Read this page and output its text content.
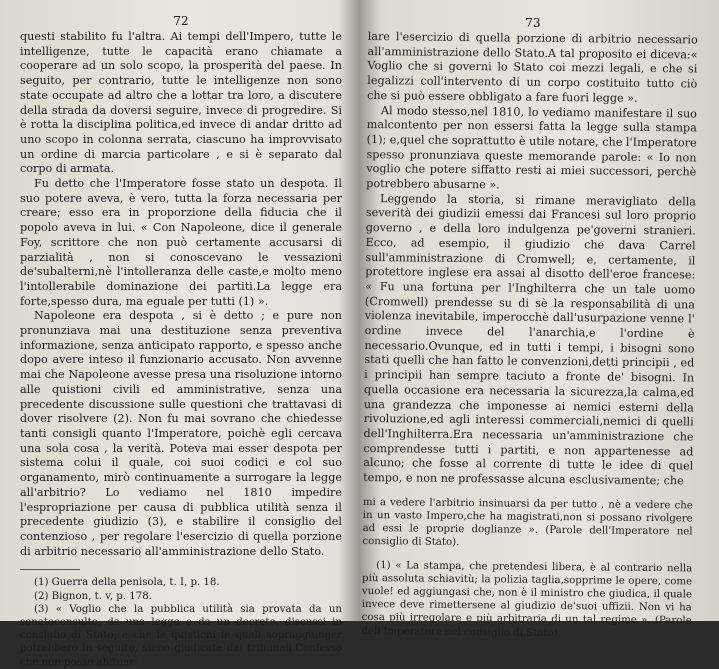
72

questi stabilito fu l'altra. Ai tempi dell'Impero, tutte le intelligenze, tutte le capacità erano chiamate a cooperare ad un solo scopo, la prosperità del paese. In seguito, per contrario, tutte le intelligenze non sono state occupate ad altro che a lottar tra loro, a discutere della strada da doversi seguire, invece di progredire. Si è rotta la disciplina politica,ed invece di andar dritto ad uno scopo in colonna serrata, ciascuno ha improvvisato un ordine di marcia particolare , e si è separato dal corpo di armata.

Fu detto che l'Imperatore fosse stato un despota. Il suo potere aveva, è vero, tutta la forza necessaria per creare; esso era in proporzione della fiducia che il popolo aveva in lui. « Con Napoleone, dice il generale Foy, scrittore che non può certamente accusarsi di parzialità , non si conoscevano le vessazioni de'subalterni,nè l'intolleranza delle caste,e molto meno l'intollerabile dominazione dei partiti.La legge era forte,spesso dura, ma eguale per tutti (1) ».

Napoleone era despota , si è detto ; e pure non pronunziava mai una destituzione senza preventiva informazione, senza anticipato rapporto, e spesso anche dopo avere inteso il funzionario accusato. Non avvenne mai che Napoleone avesse presa una risoluzione intorno alle quistioni civili ed amministrative, senza una precedente discussione sulle questioni che trattavasi di dover risolvere (2). Non fu mai sovrano che chiedesse tanti consigli quanto l'Imperatore, poichè egli cercava una sola cosa , la verità. Poteva mai esser despota per sistema colui il quale, coi suoi codici e col suo organamento, mirò continuamente a surrogare la legge all'arbitrio? Lo vediamo nel 1810 impedire l'espropriazione per causa di pubblica utilità senza il precedente giudizio (3), e stabilire il consiglio del contenzioso , per regolare l'esercizio di quella porzione di arbitrio necessario all'amministrazione dello Stato.

(1) Guerra della penisola, t. I, p. 18.

(2) Bignon, t. v, p. 178.

(3) « Voglio che la pubblica utilità sia provata da un senatoconsulto, da una legge o da un decreto, discussi in consiglio di Stato; e che le quistioni le quali sopraggiunger potrebbero in seguito, sieno giudicate dai tribunali.Confesso che non posso abituar-

73

lare l'esercizio di quella porzione di arbitrio necessario all'amministrazione dello Stato.A tal proposito ei diceva:« Voglio che si governi lo Stato coi mezzi legali, e che si legalizzi coll'intervento di un corpo costituito tutto ciò che si può essere obbligato a fare fuori legge ».

Al modo stesso,nel 1810, lo vediamo manifestare il suo malcontento per non essersi fatta la legge sulla stampa (1); e,quel che soprattutto è utile notare, che l'Imperatore spesso pronunziava queste memorande parole: « Io non voglio che potere siffatto resti ai miei successori, perchè potrebbero abusarne ».

Leggendo la storia, si rimane meravigliato della severità dei giudizii emessi dai Francesi sul loro proprio governo , e della loro indulgenza pe'governi stranieri. Ecco, ad esempio, il giudizio che dava Carrel sull'amministrazione di Cromwell; e, certamente, il protettore inglese era assai al disotto dell'eroe francese: « Fu una fortuna per l'Inghilterra che un tale uomo (Cromwell) prendesse su di sè la responsabilità di una violenza inevitabile, imperocchè dall'usurpazione venne l' ordine invece del l'anarchia,e l'ordine è necessario.Ovunque, ed in tutti i tempi, i bisogni sono stati quelli che han fatto le convenzioni,detti principii , ed i principii han sempre taciuto a fronte de' bisogni. In quella occasione era necessaria la sicurezza,la calma,ed una grandezza che imponesse ai nemici esterni della rivoluzione,ed agli interessi commerciali,nemici di quelli dell'Inghilterra.Era necessaria un'amministrazione che comprendesse tutti i partiti, e non appartenesse ad alcuno; che fosse al corrente di tutte le idee di quel tempo, e non ne professasse alcuna esclusivamente; che

mi a vedere l'arbitrio insinuarsi da per tutto , nè a vedere che in un vasto Impero,che ha magistrati,non si possano rivolgere ad essi le proprie doglianze ». (Parole dell'Imperatore nel consiglio di Stato).

(1) « La stampa, che pretendesi libera, è al contrario nella più assoluta schiavitù; la polizia taglia,sopprime le opere, come vuole! ed aggiungasi che, non è il ministro che giudica, il quale invece deve rimettersene al giudizio de'suoi uffizii. Non vi ha cosa più irregolare e più arbitraria di un tal regime ». (Parole dell'Imperatore nel consiglio di Stato).
